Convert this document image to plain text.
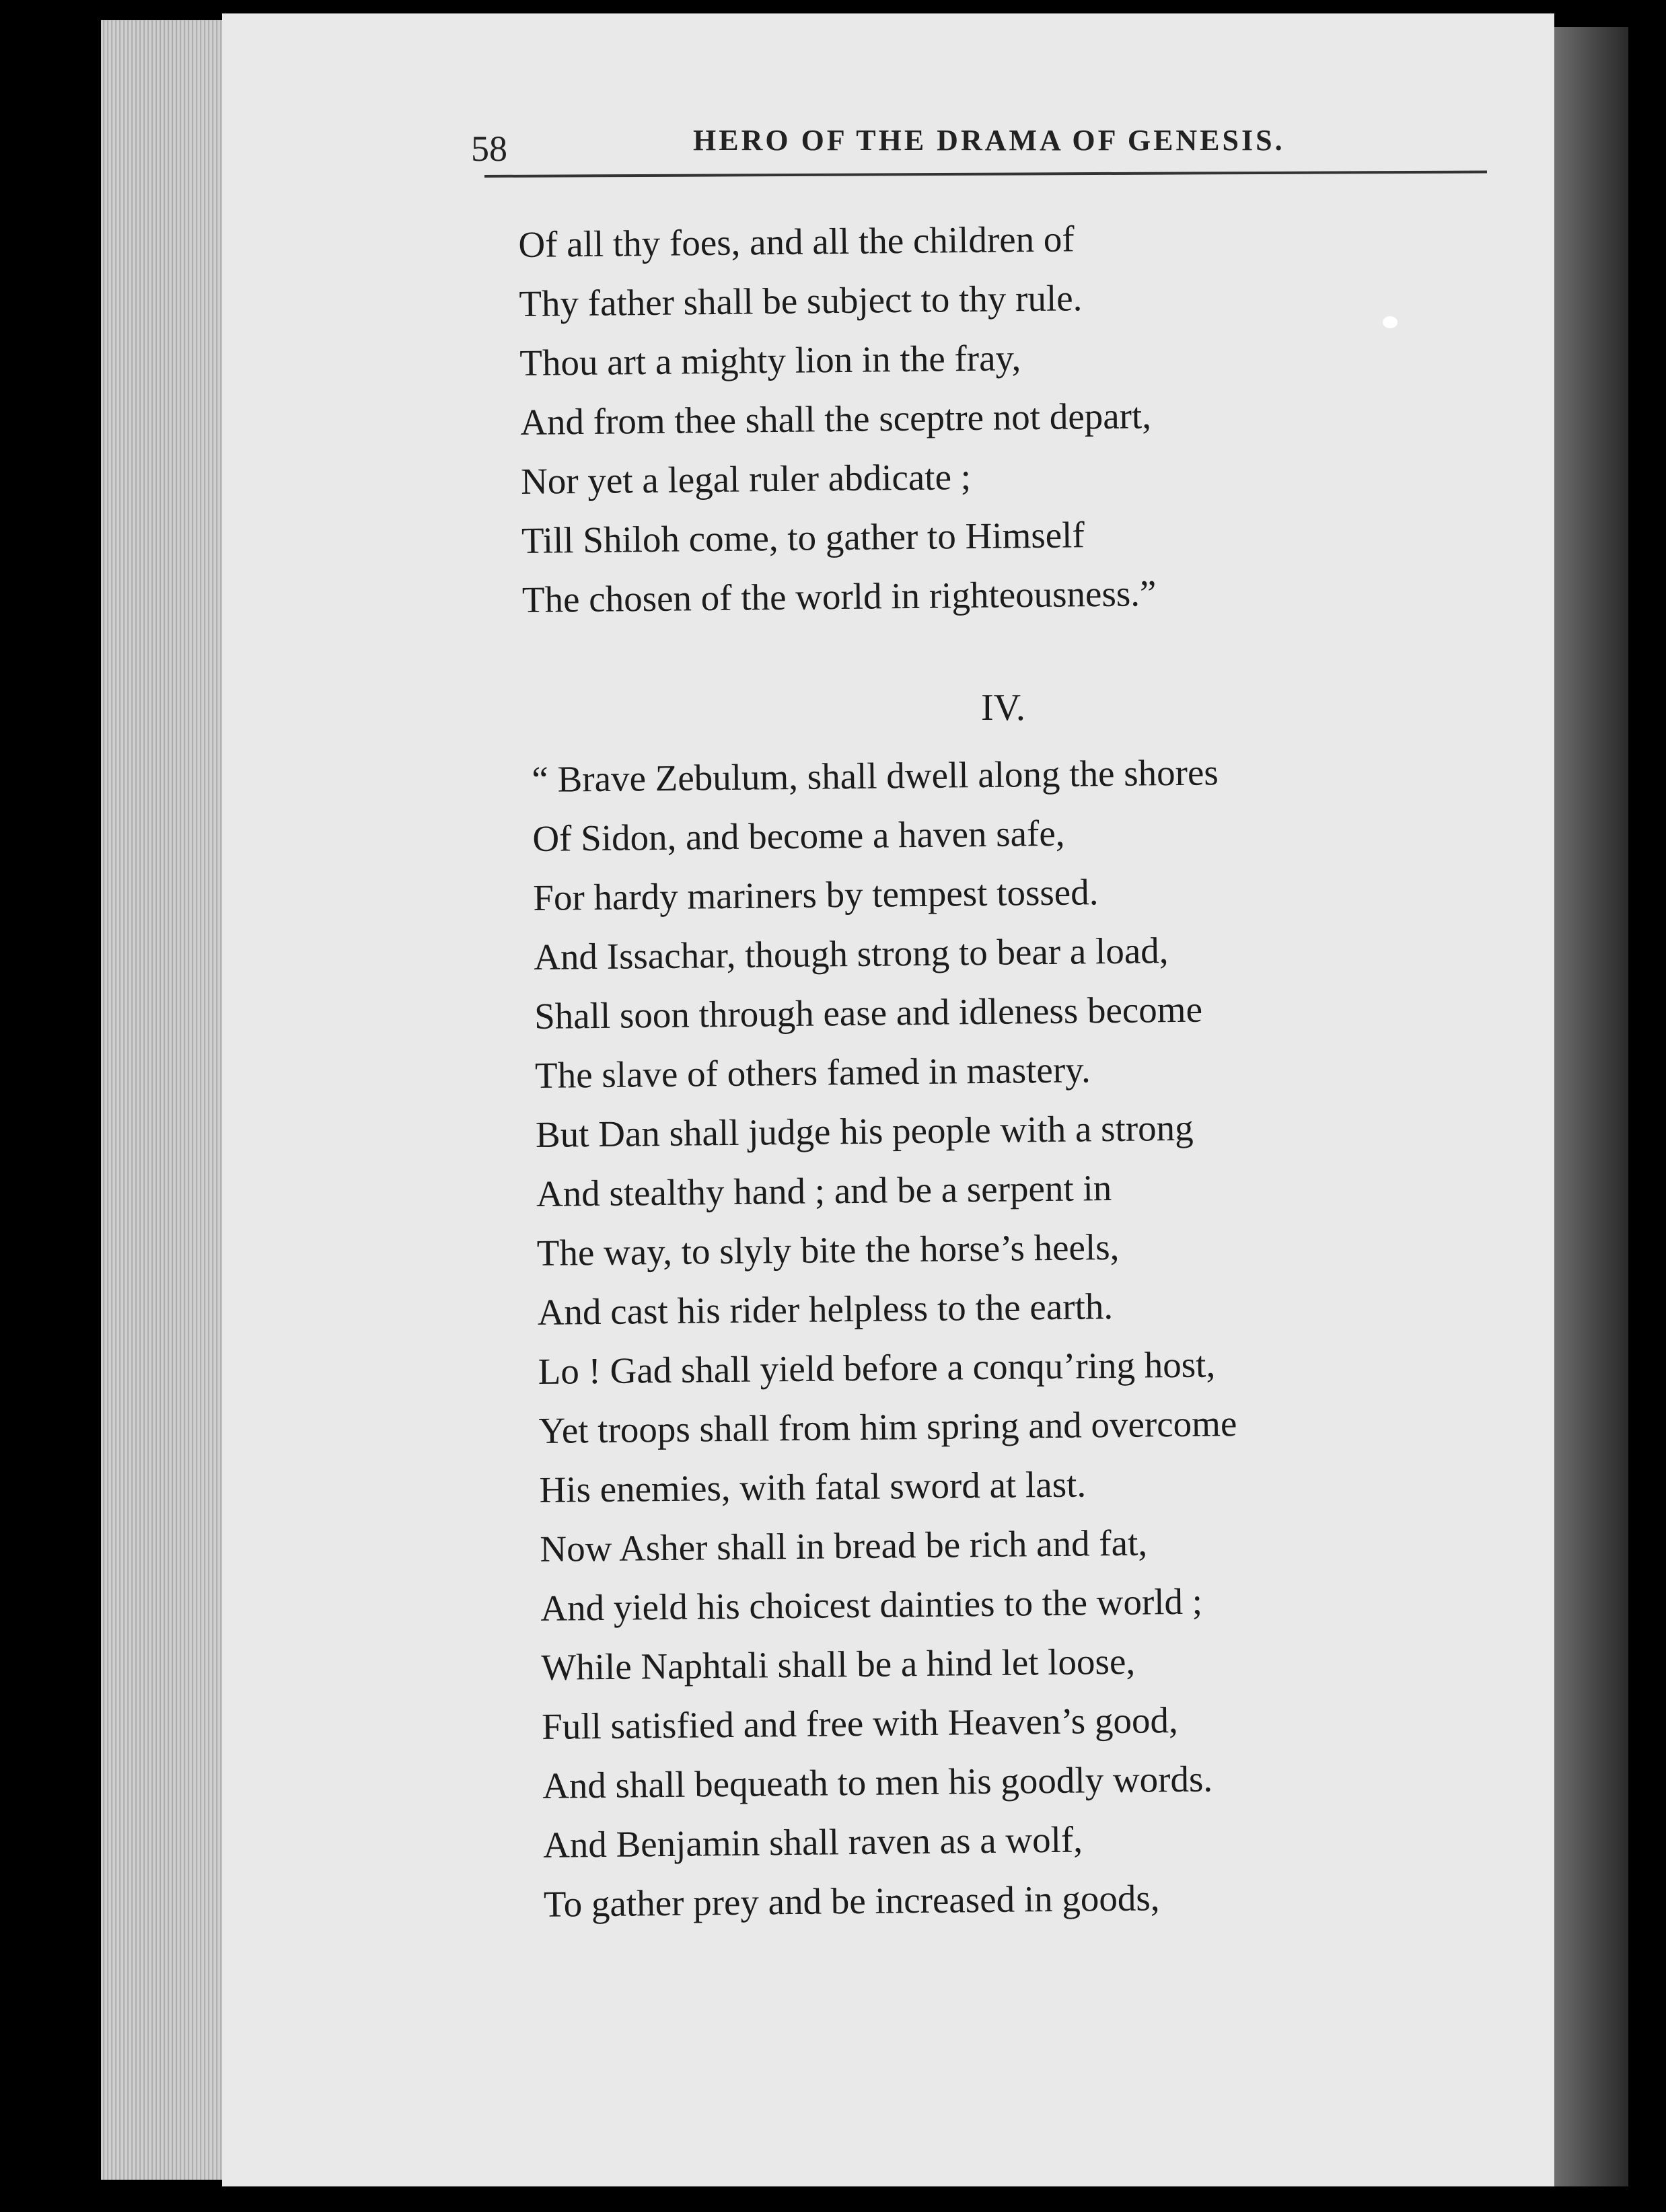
58	HERO OF THE DRAMA OF GENESIS.
Of all thy foes, and all the children of
Thy father shall be subject to thy rule.
Thou art a mighty lion in the fray,
And from thee shall the sceptre not depart,
Nor yet a legal ruler abdicate ;
Till Shiloh come, to gather to Himself
The chosen of the world in righteousness.”
IV.
“ Brave Zebulum, shall dwell along the shores
Of Sidon, and become a haven safe,
For hardy mariners by tempest tossed.
And Issachar, though strong to bear a load,
Shall soon through ease and idleness become
The slave of others famed in mastery.
But Dan shall judge his people with a strong
And stealthy hand ; and be a serpent in
The way, to slyly bite the horse’s heels,
And cast his rider helpless to the earth.
Lo ! Gad shall yield before a conqu’ring host,
Yet troops shall from him spring and overcome
His enemies, with fatal sword at last.
Now Asher shall in bread be rich and fat,
And yield his choicest dainties to the world ;
While Naphtali shall be a hind let loose,
Full satisfied and free with Heaven’s good,
And shall bequeath to men his goodly words.
And Benjamin shall raven as a wolf,
To gather prey and be increased in goods,
